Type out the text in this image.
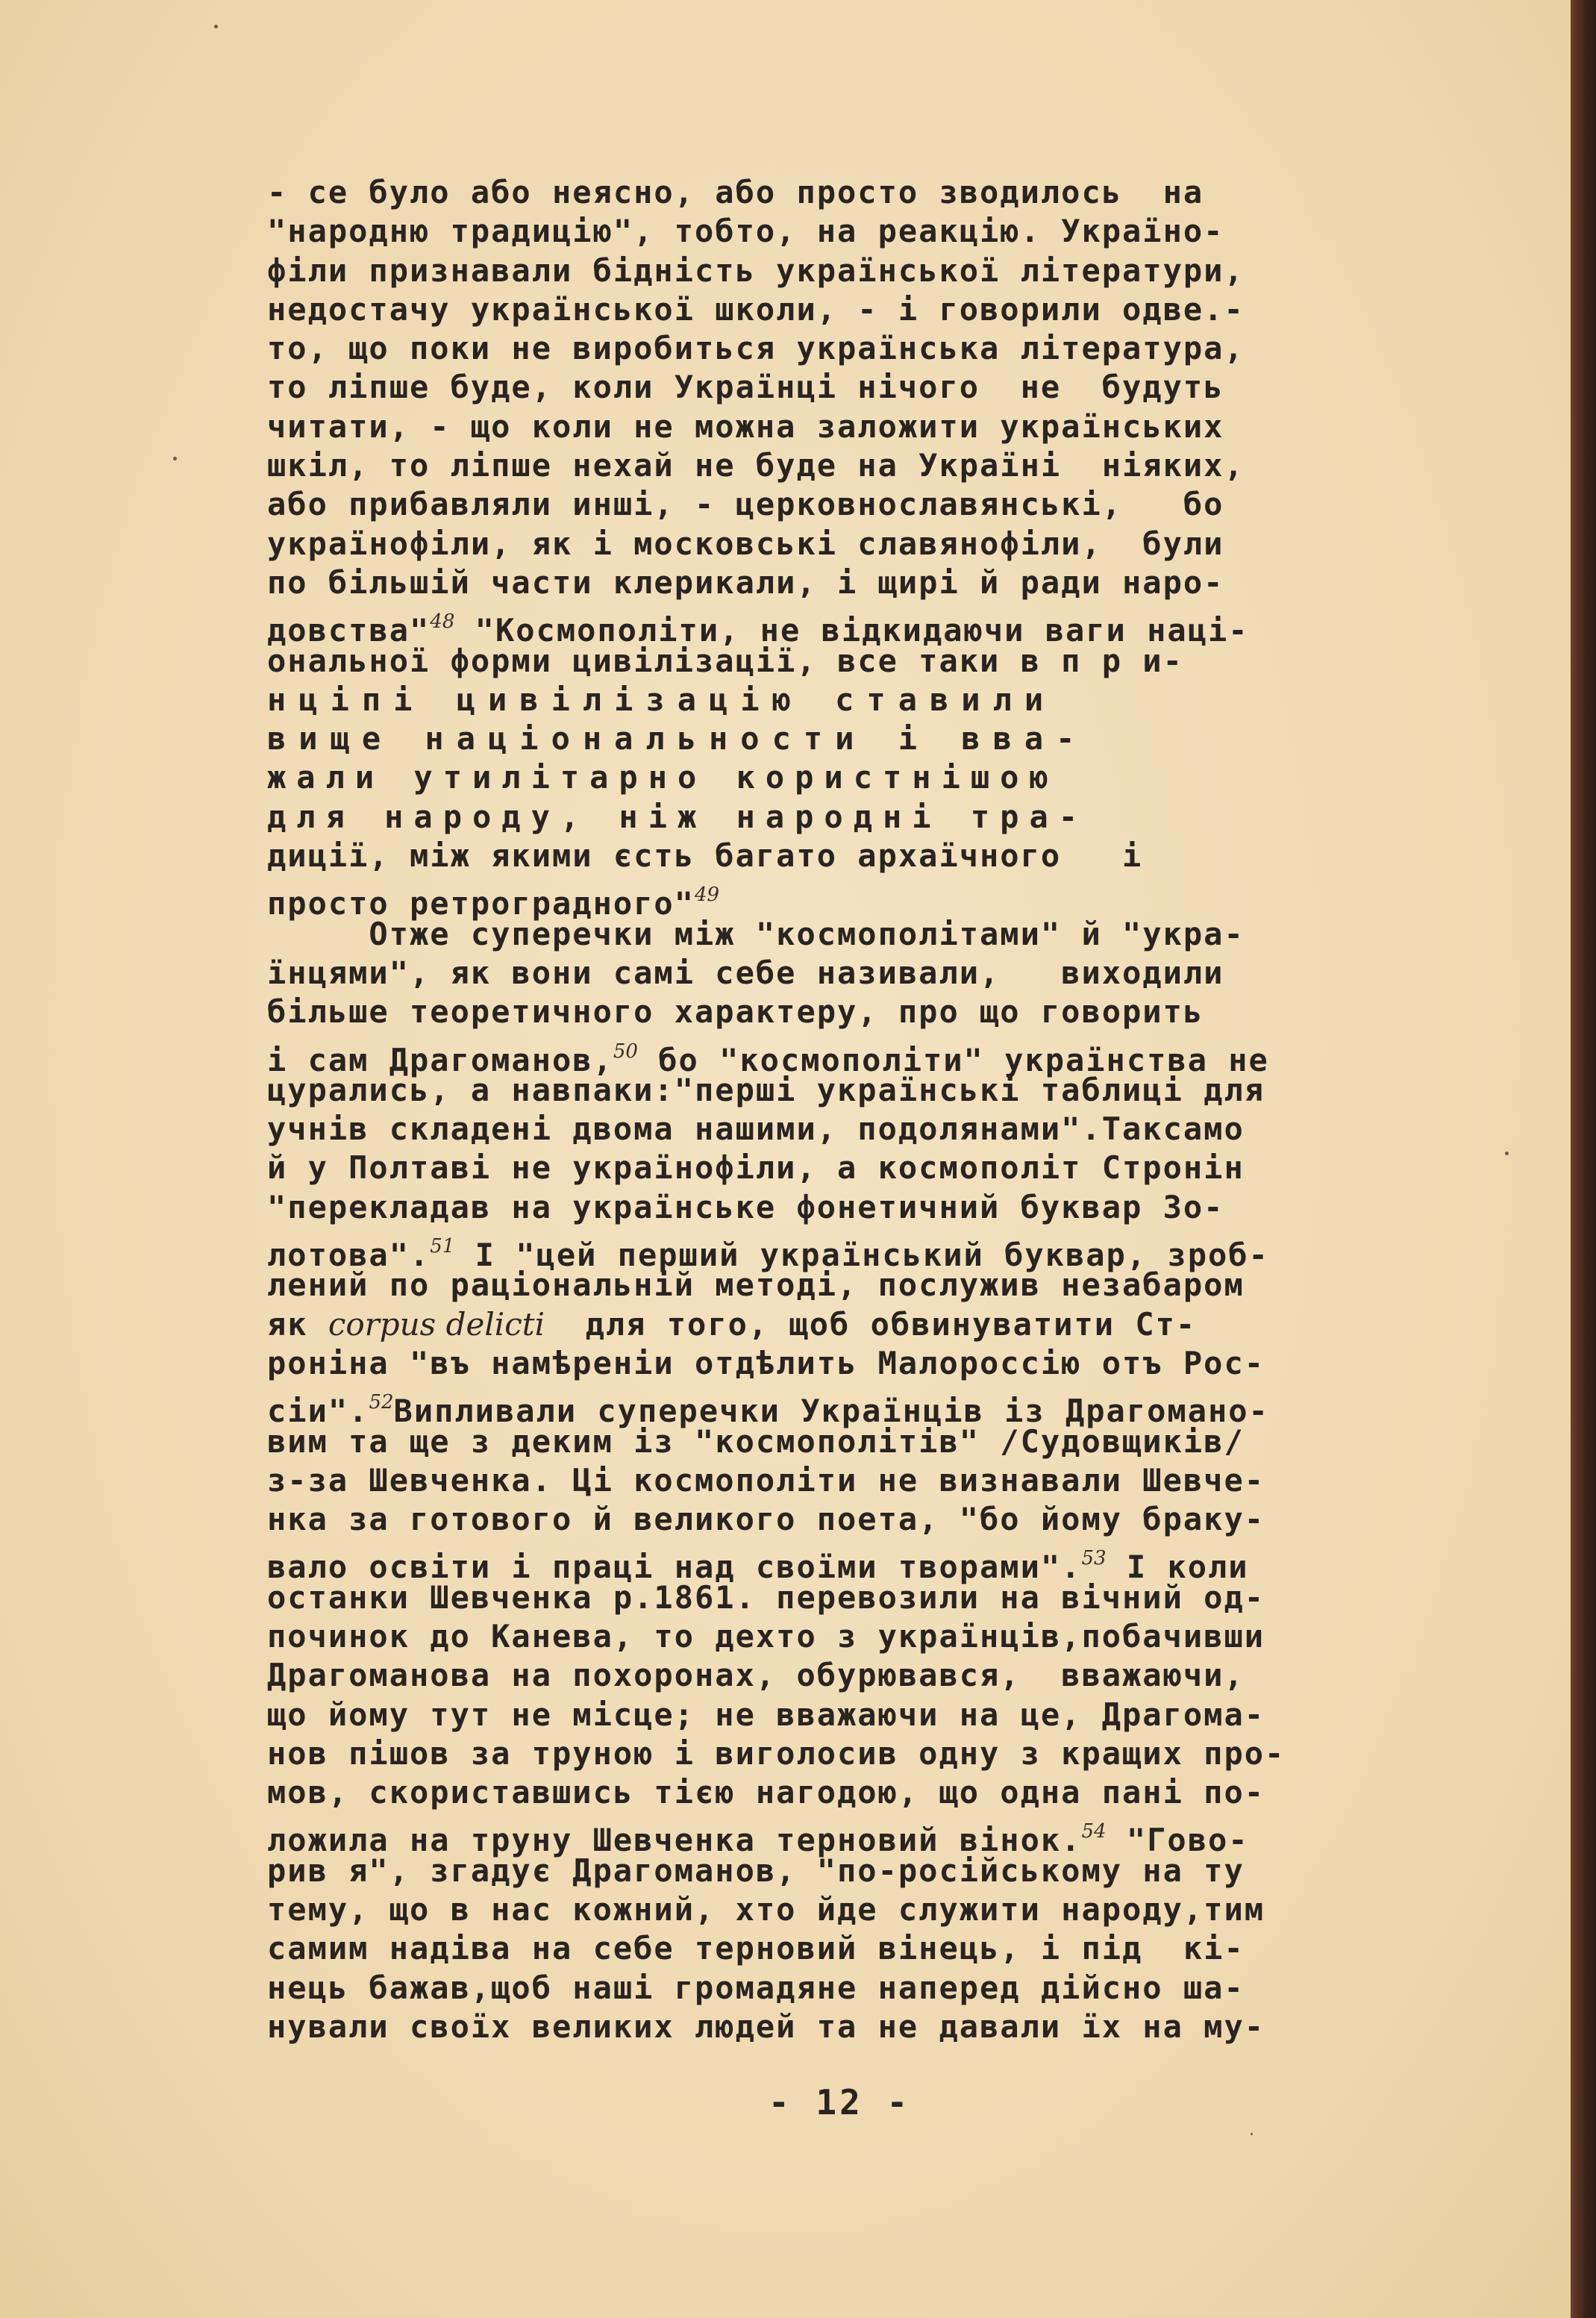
- се було або неясно, або просто зводилось  на
"народню традицію", тобто, на реакцію. Українo-
філи признавали бідність української літератури,
недостачу української школи, - і говорили одве.-
то, що поки не виробиться українська література,
то ліпше буде, коли Українці нічого  не  будуть
читати, - що коли не можна заложити українських
шкіл, то ліпше нехай не буде на Україні  ніяких,
або прибавляли инші, - церковнославянські,   бо
українофіли, як і московські славянофіли,  були
по більшій части клерикали, і щирі й ради наро-
довства"$^{48}$ "Космополіти, не відкидаючи ваги наці-
ональної форми цивілізації, все таки в п р и-
нціпі цивілізацію ставили
вище національности і вва-
жали утилітарно користнішою
для народу, ніж народні тра-
диції, між якими єсть багато архаїчного   і
просто ретроградного"$^{49}$
Отже суперечки між "космополітами" й "укра-
їнцями", як вони самі себе називали,   виходили
більше теоретичного характеру, про що говорить
і сам Драгоманов,$^{50}$ бо "космополіти" українства не
цурались, а навпаки:"перші українські таблиці для
учнів складені двома нашими, подолянами".Таксамо
й у Полтаві не українофіли, а космополіт Стронін
"перекладав на українське фонетичний буквар Зо-
лотова".$^{51}$ І "цей перший український буквар, зроб-
лений по раціональній методі, послужив незабаром
як corpus delicti  для того, щоб обвинуватити Ст-
роніна "въ намѣреніи отдѣлить Малороссію отъ Рос-
сіи".$^{52}$Випливали суперечки Українців із Драгомано-
вим та ще з деким із "космополітів" /Судовщиків/
з-за Шевченка. Ці космополіти не визнавали Шевче-
нка за готового й великого поета, "бо йому браку-
вало освіти і праці над своїми творами".$^{53}$ І коли
останки Шевченка р.1861. перевозили на вічний од-
починок до Канева, то дехто з українців,побачивши
Драгоманова на похоронах, обурювався,  вважаючи,
що йому тут не місце; не вважаючи на це, Драгома-
нов пішов за труною і виголосив одну з кращих про-
мов, скориставшись тією нагодою, що одна пані по-
ложила на труну Шевченка терновий вінок.$^{54}$ "Гово-
рив я", згадує Драгоманов, "по-російському на ту
тему, що в нас кожний, хто йде служити народу,тим
самим надіва на себе терновий вінець, і під  кі-
нець бажав,щоб наші громадяне наперед дійсно ша-
нували своїх великих людей та не давали їх на му-
- 12 -
